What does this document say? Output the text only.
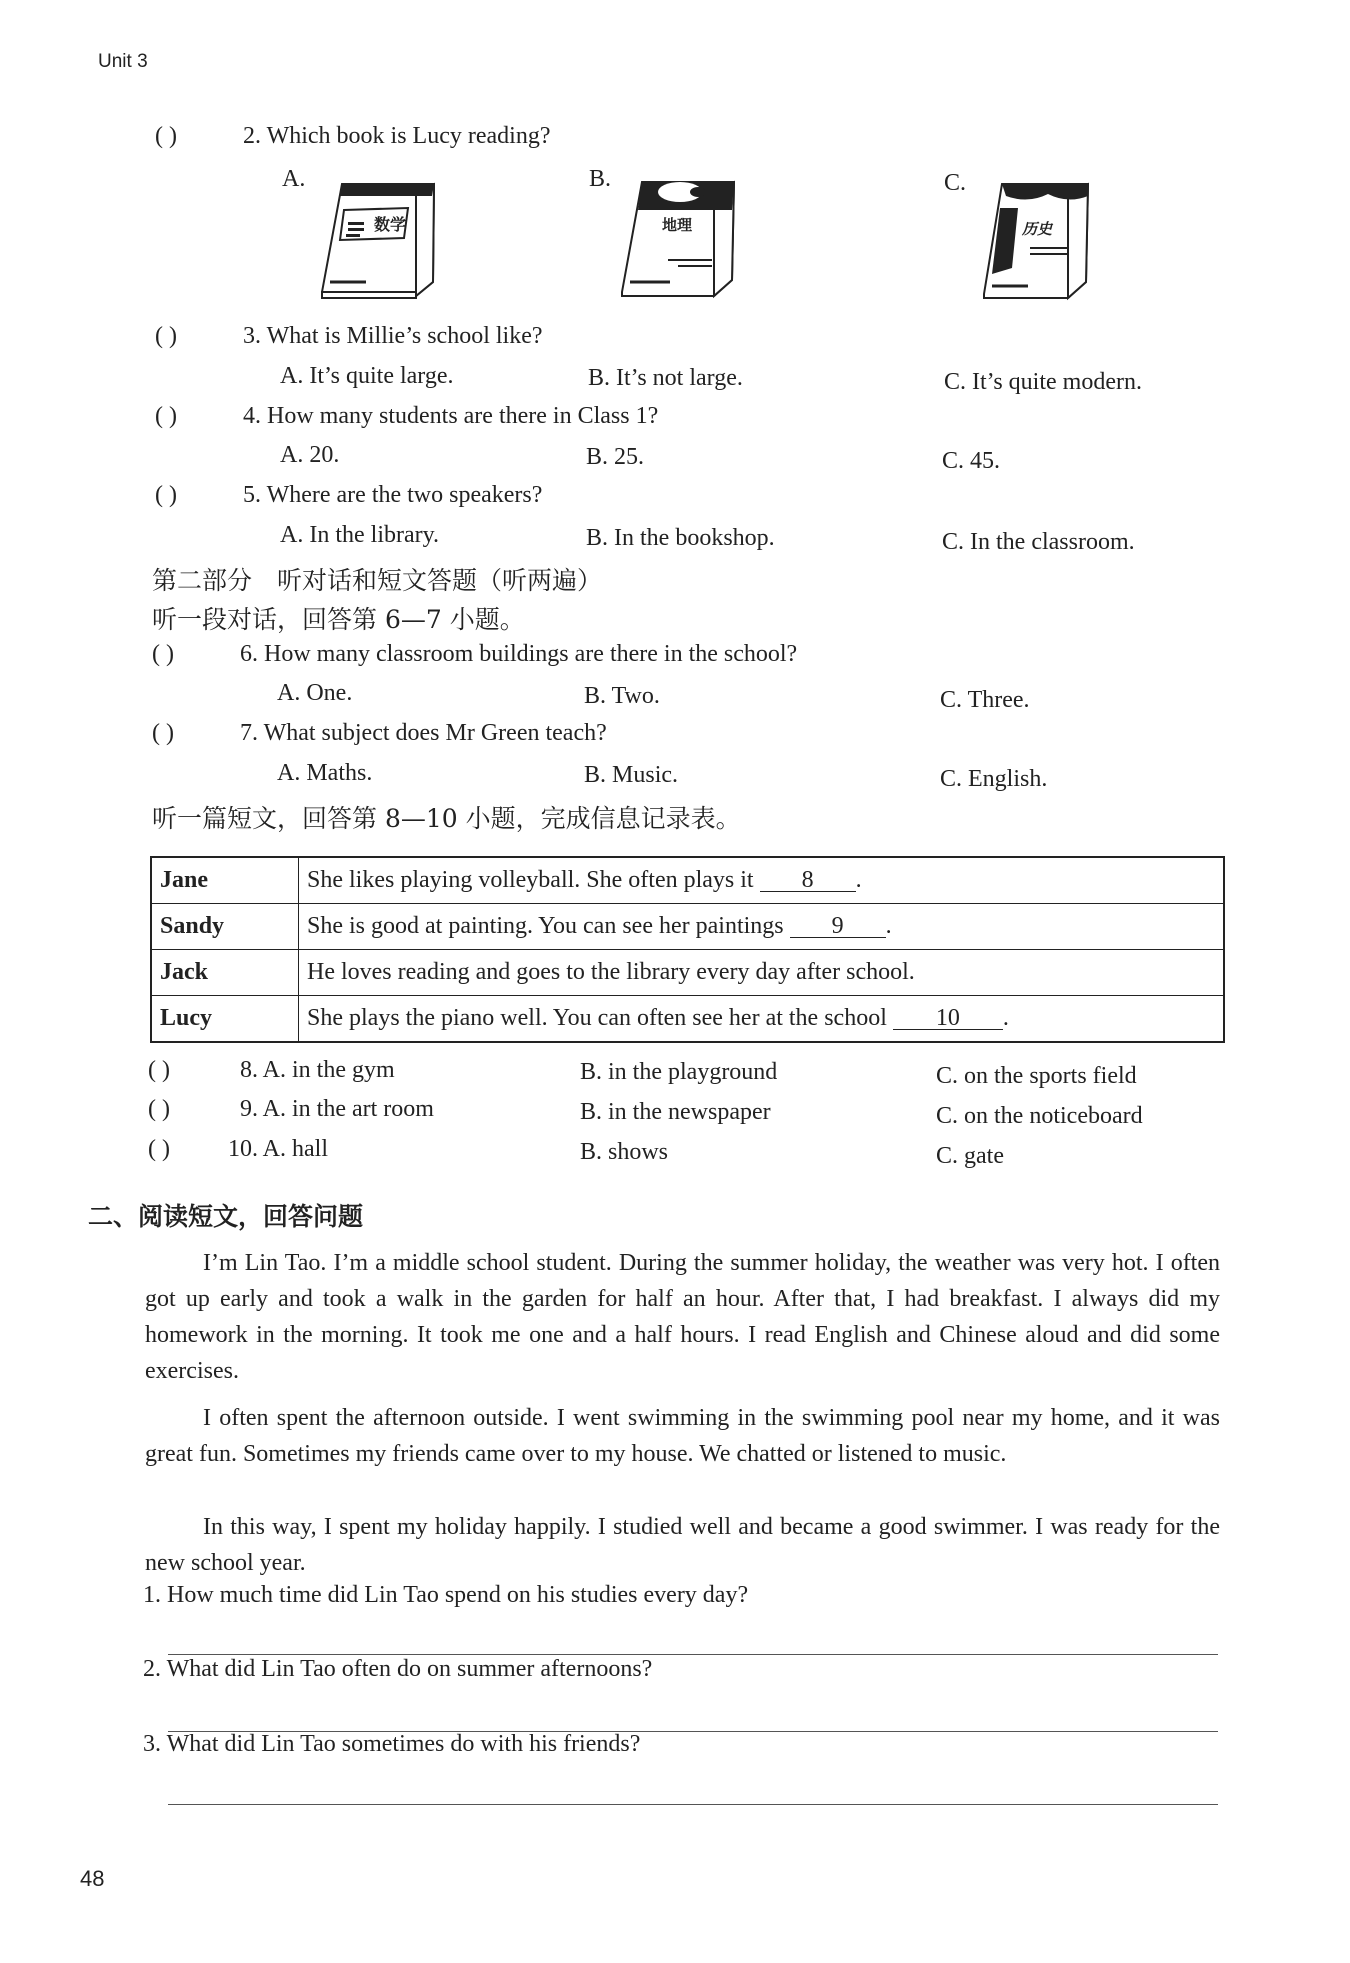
Unit 3
( )	2. Which book is Lucy reading?
A.	B.	C.
数学	地理	历史
( )	3. What is Millie’s school like?
A. It’s quite large.	B. It’s not large.	C. It’s quite modern.
( )	4. How many students are there in Class 1?
A. 20.	B. 25.	C. 45.
( )	5. Where are the two speakers?
A. In the library.	B. In the bookshop.	C. In the classroom.
第二部分　听对话和短文答题（听两遍）
听一段对话，回答第 6—7 小题。
( )	6. How many classroom buildings are there in the school?
A. One.	B. Two.	C. Three.
( )	7. What subject does Mr Green teach?
A. Maths.	B. Music.	C. English.
听一篇短文，回答第 8—10 小题，完成信息记录表。
Jane	She likes playing volleyball. She often plays it 8 .
Sandy	She is good at painting. You can see her paintings 9 .
Jack	He loves reading and goes to the library every day after school.
Lucy	She plays the piano well. You can often see her at the school 10 .
( )	8. A. in the gym	B. in the playground	C. on the sports field
( )	9. A. in the art room	B. in the newspaper	C. on the noticeboard
( ) 10. A. hall	B. shows	C. gate
二、阅读短文，回答问题
I’m Lin Tao. I’m a middle school student. During the summer holiday, the weather was very hot. I often got up early and took a walk in the garden for half an hour. After that, I had breakfast. I always did my homework in the morning. It took me one and a half hours. I read English and Chinese aloud and did some exercises.
I often spent the afternoon outside. I went swimming in the swimming pool near my home, and it was great fun. Sometimes my friends came over to my house. We chatted or listened to music.
In this way, I spent my holiday happily. I studied well and became a good swimmer. I was ready for the new school year.
1. How much time did Lin Tao spend on his studies every day?
2. What did Lin Tao often do on summer afternoons?
3. What did Lin Tao sometimes do with his friends?
48
